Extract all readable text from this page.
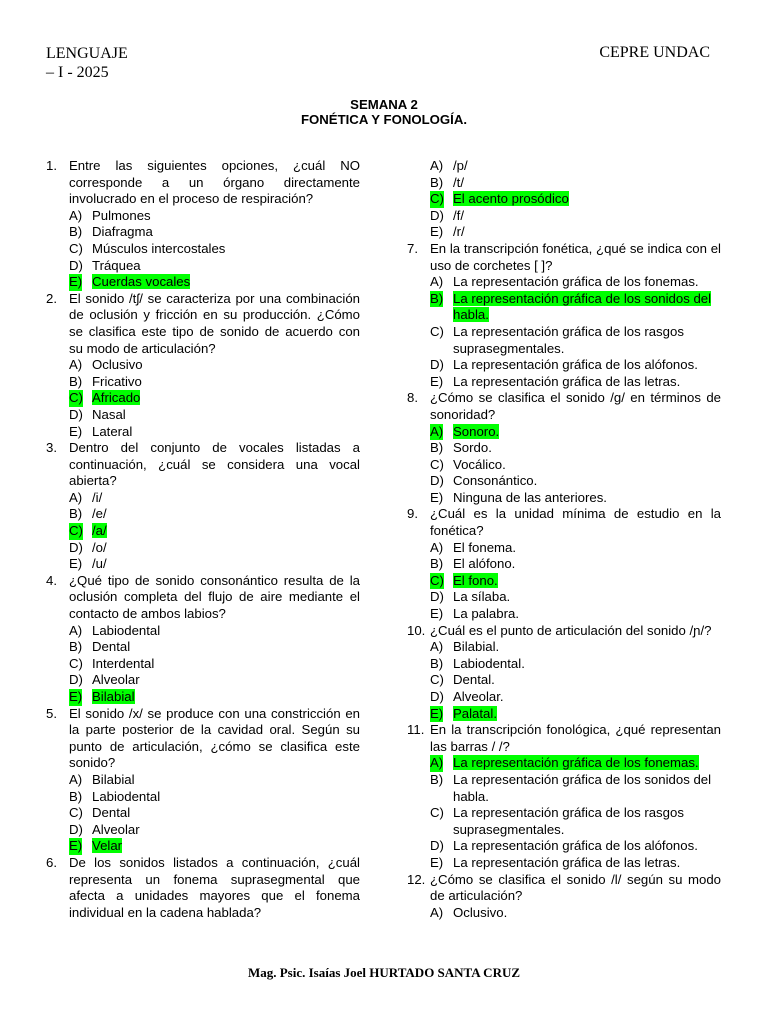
LENGUAJE
– I - 2025
CEPRE UNDAC
SEMANA 2
FONÉTICA Y FONOLOGÍA.
1. Entre las siguientes opciones, ¿cuál NO corresponde a un órgano directamente involucrado en el proceso de respiración?
A) Pulmones
B) Diafragma
C) Músculos intercostales
D) Tráquea
E) Cuerdas vocales
2. El sonido /tʃ/ se caracteriza por una combinación de oclusión y fricción en su producción. ¿Cómo se clasifica este tipo de sonido de acuerdo con su modo de articulación?
A) Oclusivo
B) Fricativo
C) Africado
D) Nasal
E) Lateral
3. Dentro del conjunto de vocales listadas a continuación, ¿cuál se considera una vocal abierta?
A) /i/
B) /e/
C) /a/
D) /o/
E) /u/
4. ¿Qué tipo de sonido consonántico resulta de la oclusión completa del flujo de aire mediante el contacto de ambos labios?
A) Labiodental
B) Dental
C) Interdental
D) Alveolar
E) Bilabial
5. El sonido /x/ se produce con una constricción en la parte posterior de la cavidad oral. Según su punto de articulación, ¿cómo se clasifica este sonido?
A) Bilabial
B) Labiodental
C) Dental
D) Alveolar
E) Velar
6. De los sonidos listados a continuación, ¿cuál representa un fonema suprasegmental que afecta a unidades mayores que el fonema individual en la cadena hablada?
A) /p/
B) /t/
C) El acento prosódico
D) /f/
E) /r/
7. En la transcripción fonética, ¿qué se indica con el uso de corchetes [ ]?
A) La representación gráfica de los fonemas.
B) La representación gráfica de los sonidos del habla.
C) La representación gráfica de los rasgos suprasegmentales.
D) La representación gráfica de los alófonos.
E) La representación gráfica de las letras.
8. ¿Cómo se clasifica el sonido /g/ en términos de sonoridad?
A) Sonoro.
B) Sordo.
C) Vocálico.
D) Consonántico.
E) Ninguna de las anteriores.
9. ¿Cuál es la unidad mínima de estudio en la fonética?
A) El fonema.
B) El alófono.
C) El fono.
D) La sílaba.
E) La palabra.
10. ¿Cuál es el punto de articulación del sonido /ɲ/?
A) Bilabial.
B) Labiodental.
C) Dental.
D) Alveolar.
E) Palatal.
11. En la transcripción fonológica, ¿qué representan las barras / /?
A) La representación gráfica de los fonemas.
B) La representación gráfica de los sonidos del habla.
C) La representación gráfica de los rasgos suprasegmentales.
D) La representación gráfica de los alófonos.
E) La representación gráfica de las letras.
12. ¿Cómo se clasifica el sonido /l/ según su modo de articulación?
A) Oclusivo.
Mag. Psic. Isaías Joel HURTADO SANTA CRUZ
